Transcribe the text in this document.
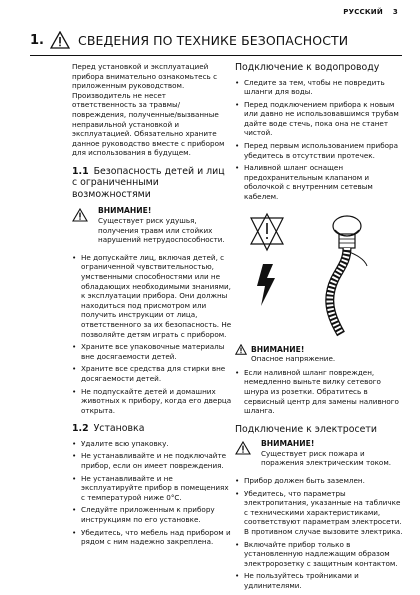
РУССКИЙ 3
1.	СВЕДЕНИЯ ПО ТЕХНИКЕ БЕЗОПАСНОСТИ

Перед установкой и эксплуатацией прибора внимательно ознакомьтесь с приложенным руководством. Производитель не несет ответственность за травмы/повреждения, полученные/вызванные неправильной установкой и эксплуатацией. Обязательно храните данное руководство вместе с прибором для использования в будущем.

1.1 Безопасность детей и лиц с ограниченными возможностями
ВНИМАНИЕ!
Существует риск удушья, получения травм или стойких нарушений нетрудоспособности.
• Не допускайте лиц, включая детей, с ограниченной чувствительностью, умственными способностями или не обладающих необходимыми знаниями, к эксплуатации прибора. Они должны находиться под присмотром или получить инструкции от лица, ответственного за их безопасность. Не позволяйте детям играть с прибором.
• Храните все упаковочные материалы вне досягаемости детей.
• Храните все средства для стирки вне досягаемости детей.
• Не подпускайте детей и домашних животных к прибору, когда его дверца открыта.
1.2 Установка
• Удалите всю упаковку.
• Не устанавливайте и не подключайте прибор, если он имеет повреждения.
• Не устанавливайте и не эксплуатируйте прибор в помещениях с температурой ниже 0°C.
• Следуйте приложенным к прибору инструкциям по его установке.
• Убедитесь, что мебель над прибором и рядом с ним надежно закреплена.
Подключение к водопроводу
• Следите за тем, чтобы не повредить шланги для воды.
• Перед подключением прибора к новым или давно не использовавшимся трубам дайте воде стечь, пока она не станет чистой.
• Перед первым использованием прибора убедитесь в отсутствии протечек.
• Наливной шланг оснащен предохранительным клапаном и оболочкой с внутренним сетевым кабелем.
ВНИМАНИЕ!
Опасное напряжение.
• Если наливной шланг поврежден, немедленно выньте вилку сетевого шнура из розетки. Обратитесь в сервисный центр для замены наливного шланга.
Подключение к электросети
ВНИМАНИЕ!
Существует риск пожара и поражения электрическим током.
• Прибор должен быть заземлен.
• Убедитесь, что параметры электропитания, указанные на табличке с техническими характеристиками, соответствуют параметрам электросети. В противном случае вызовите электрика.
• Включайте прибор только в установленную надлежащим образом электророзетку с защитным контактом.
• Не пользуйтесь тройниками и удлинителями.
